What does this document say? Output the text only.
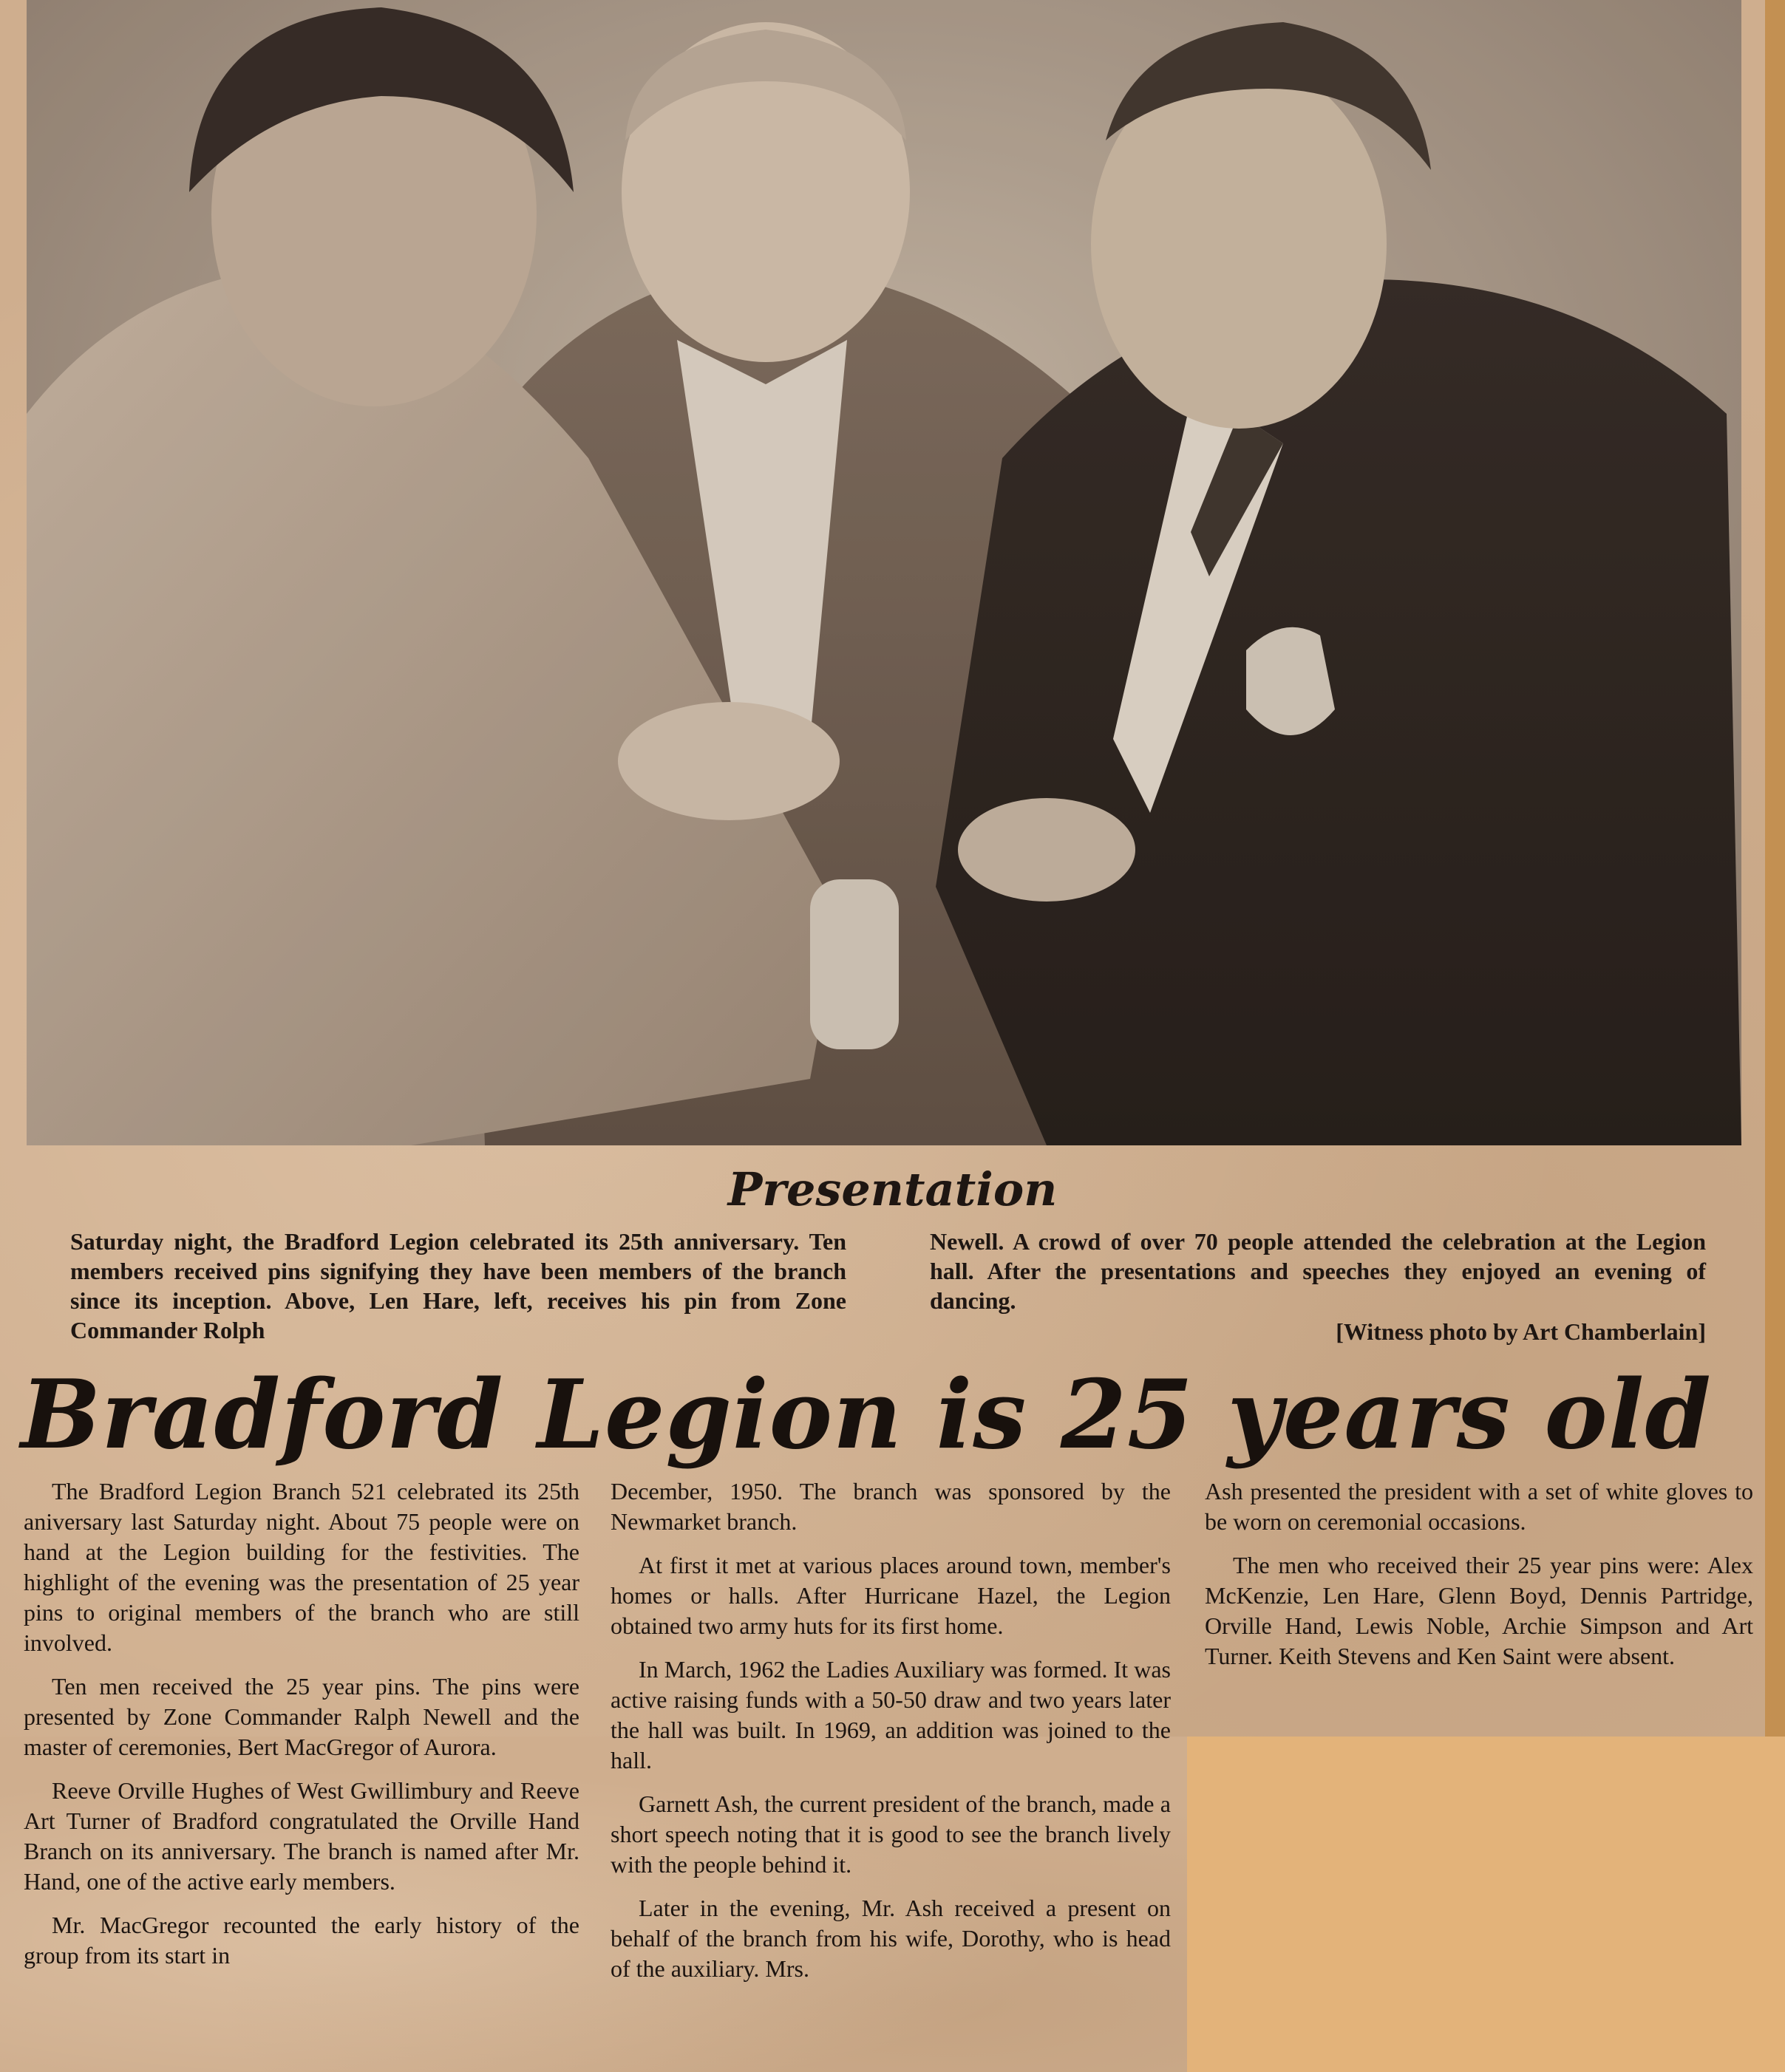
Presentation
Saturday night, the Bradford Legion celebrated its 25th anniversary. Ten members received pins signifying they have been members of the branch since its inception. Above, Len Hare, left, receives his pin from Zone Commander Rolph
Newell. A crowd of over 70 people attended the celebration at the Legion hall. After the presentations and speeches they enjoyed an evening of dancing.
[Witness photo by Art Chamberlain]
Bradford Legion is 25 years old

The Bradford Legion Branch 521 celebrated its 25th aniversary last Saturday night. About 75 people were on hand at the Legion building for the festivities. The highlight of the evening was the presentation of 25 year pins to original members of the branch who are still involved.

Ten men received the 25 year pins. The pins were presented by Zone Commander Ralph Newell and the master of ceremonies, Bert MacGregor of Aurora.

Reeve Orville Hughes of West Gwillimbury and Reeve Art Turner of Bradford congratulated the Orville Hand Branch on its anniversary. The branch is named after Mr. Hand, one of the active early members.

Mr. MacGregor recounted the early history of the group from its start in

December, 1950. The branch was sponsored by the Newmarket branch.

At first it met at various places around town, member's homes or halls. After Hurricane Hazel, the Legion obtained two army huts for its first home.

In March, 1962 the Ladies Auxiliary was formed. It was active raising funds with a 50-50 draw and two years later the hall was built. In 1969, an addition was joined to the hall.

Garnett Ash, the current president of the branch, made a short speech noting that it is good to see the branch lively with the people behind it.

Later in the evening, Mr. Ash received a present on behalf of the branch from his wife, Dorothy, who is head of the auxiliary. Mrs.

Ash presented the president with a set of white gloves to be worn on ceremonial occasions.

The men who received their 25 year pins were: Alex McKenzie, Len Hare, Glenn Boyd, Dennis Partridge, Orville Hand, Lewis Noble, Archie Simpson and Art Turner. Keith Stevens and Ken Saint were absent.
